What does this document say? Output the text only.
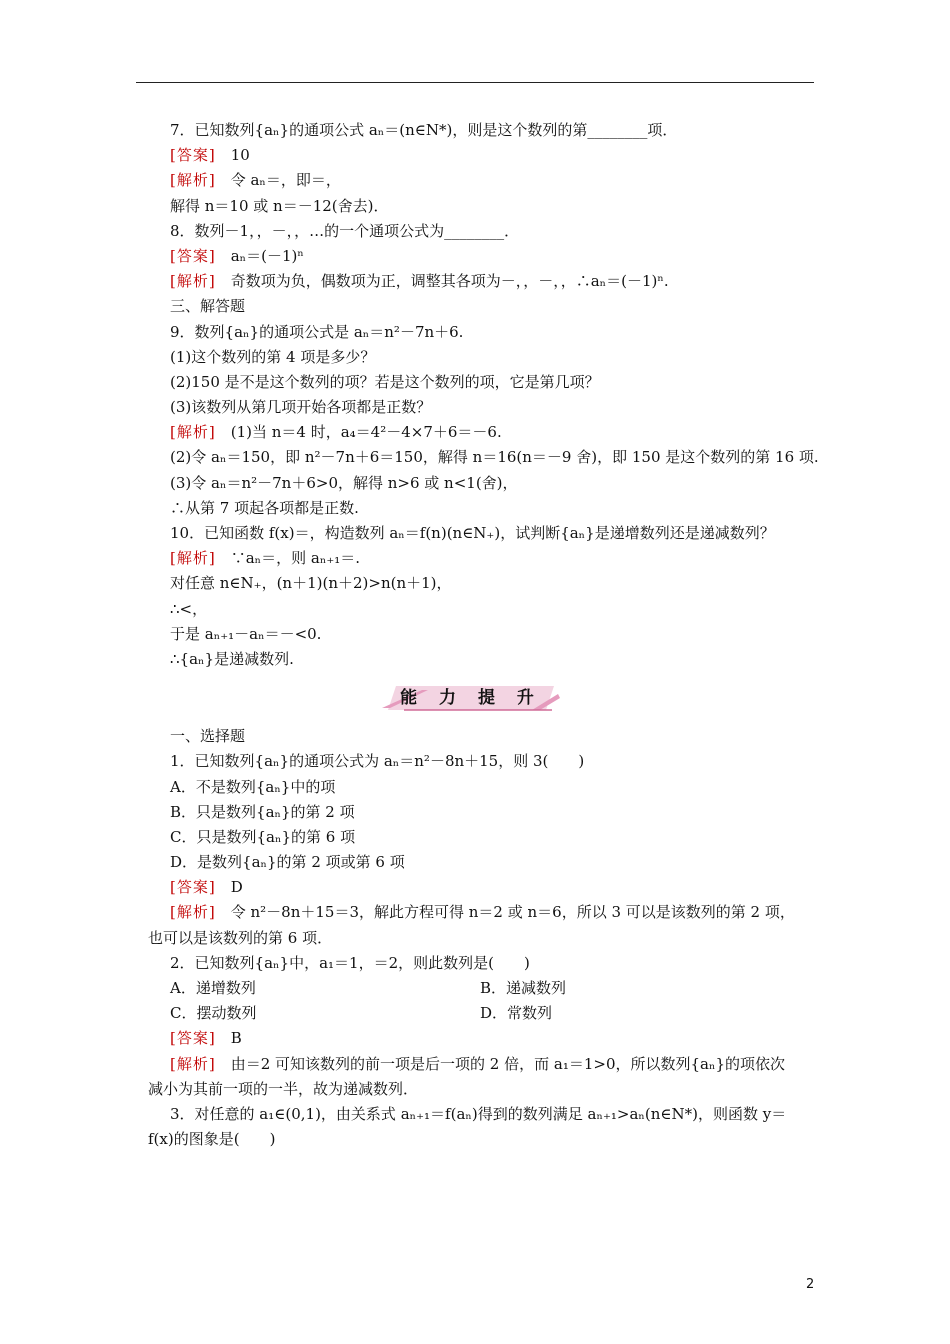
7．已知数列{aₙ}的通项公式 aₙ＝(n∈N*)，则是这个数列的第________项．
[答案]　10
[解析]　令 aₙ＝，即＝，
解得 n＝10 或 n＝－12(舍去)．
8．数列－1，，－，，…的一个通项公式为________．
[答案]　aₙ＝(－1)ⁿ
[解析]　奇数项为负，偶数项为正，调整其各项为－，，－，，∴aₙ＝(－1)ⁿ.
三、解答题
9．数列{aₙ}的通项公式是 aₙ＝n²－7n＋6.
(1)这个数列的第 4 项是多少？
(2)150 是不是这个数列的项？若是这个数列的项，它是第几项？
(3)该数列从第几项开始各项都是正数？
[解析]　(1)当 n＝4 时，a₄＝4²－4×7＋6＝－6.
(2)令 aₙ＝150，即 n²－7n＋6＝150，解得 n＝16(n＝－9 舍)，即 150 是这个数列的第 16 项.
(3)令 aₙ＝n²－7n＋6>0，解得 n>6 或 n<1(舍)，
∴从第 7 项起各项都是正数.
10．已知函数 f(x)＝，构造数列 aₙ＝f(n)(n∈N₊)，试判断{aₙ}是递增数列还是递减数列？
[解析]　∵aₙ＝，则 aₙ₊₁＝.
对任意 n∈N₊，(n＋1)(n＋2)>n(n＋1)，
∴<，
于是 aₙ₊₁－aₙ＝－<0.
∴{aₙ}是递减数列.
能 力 提 升
一、选择题
1．已知数列{aₙ}的通项公式为 aₙ＝n²－8n＋15，则 3(　　)
A．不是数列{aₙ}中的项
B．只是数列{aₙ}的第 2 项
C．只是数列{aₙ}的第 6 项
D．是数列{aₙ}的第 2 项或第 6 项
[答案]　D
[解析]　令 n²－8n＋15＝3，解此方程可得 n＝2 或 n＝6，所以 3 可以是该数列的第 2 项，
也可以是该数列的第 6 项．
2．已知数列{aₙ}中，a₁＝1，＝2，则此数列是(　　)
A．递增数列	B．递减数列
C．摆动数列	D．常数列
[答案]　B
[解析]　由＝2 可知该数列的前一项是后一项的 2 倍，而 a₁＝1>0，所以数列{aₙ}的项依次
减小为其前一项的一半，故为递减数列．
3．对任意的 a₁∈(0,1)，由关系式 aₙ₊₁＝f(aₙ)得到的数列满足 aₙ₊₁>aₙ(n∈N*)，则函数 y＝
f(x)的图象是(　　)
2
